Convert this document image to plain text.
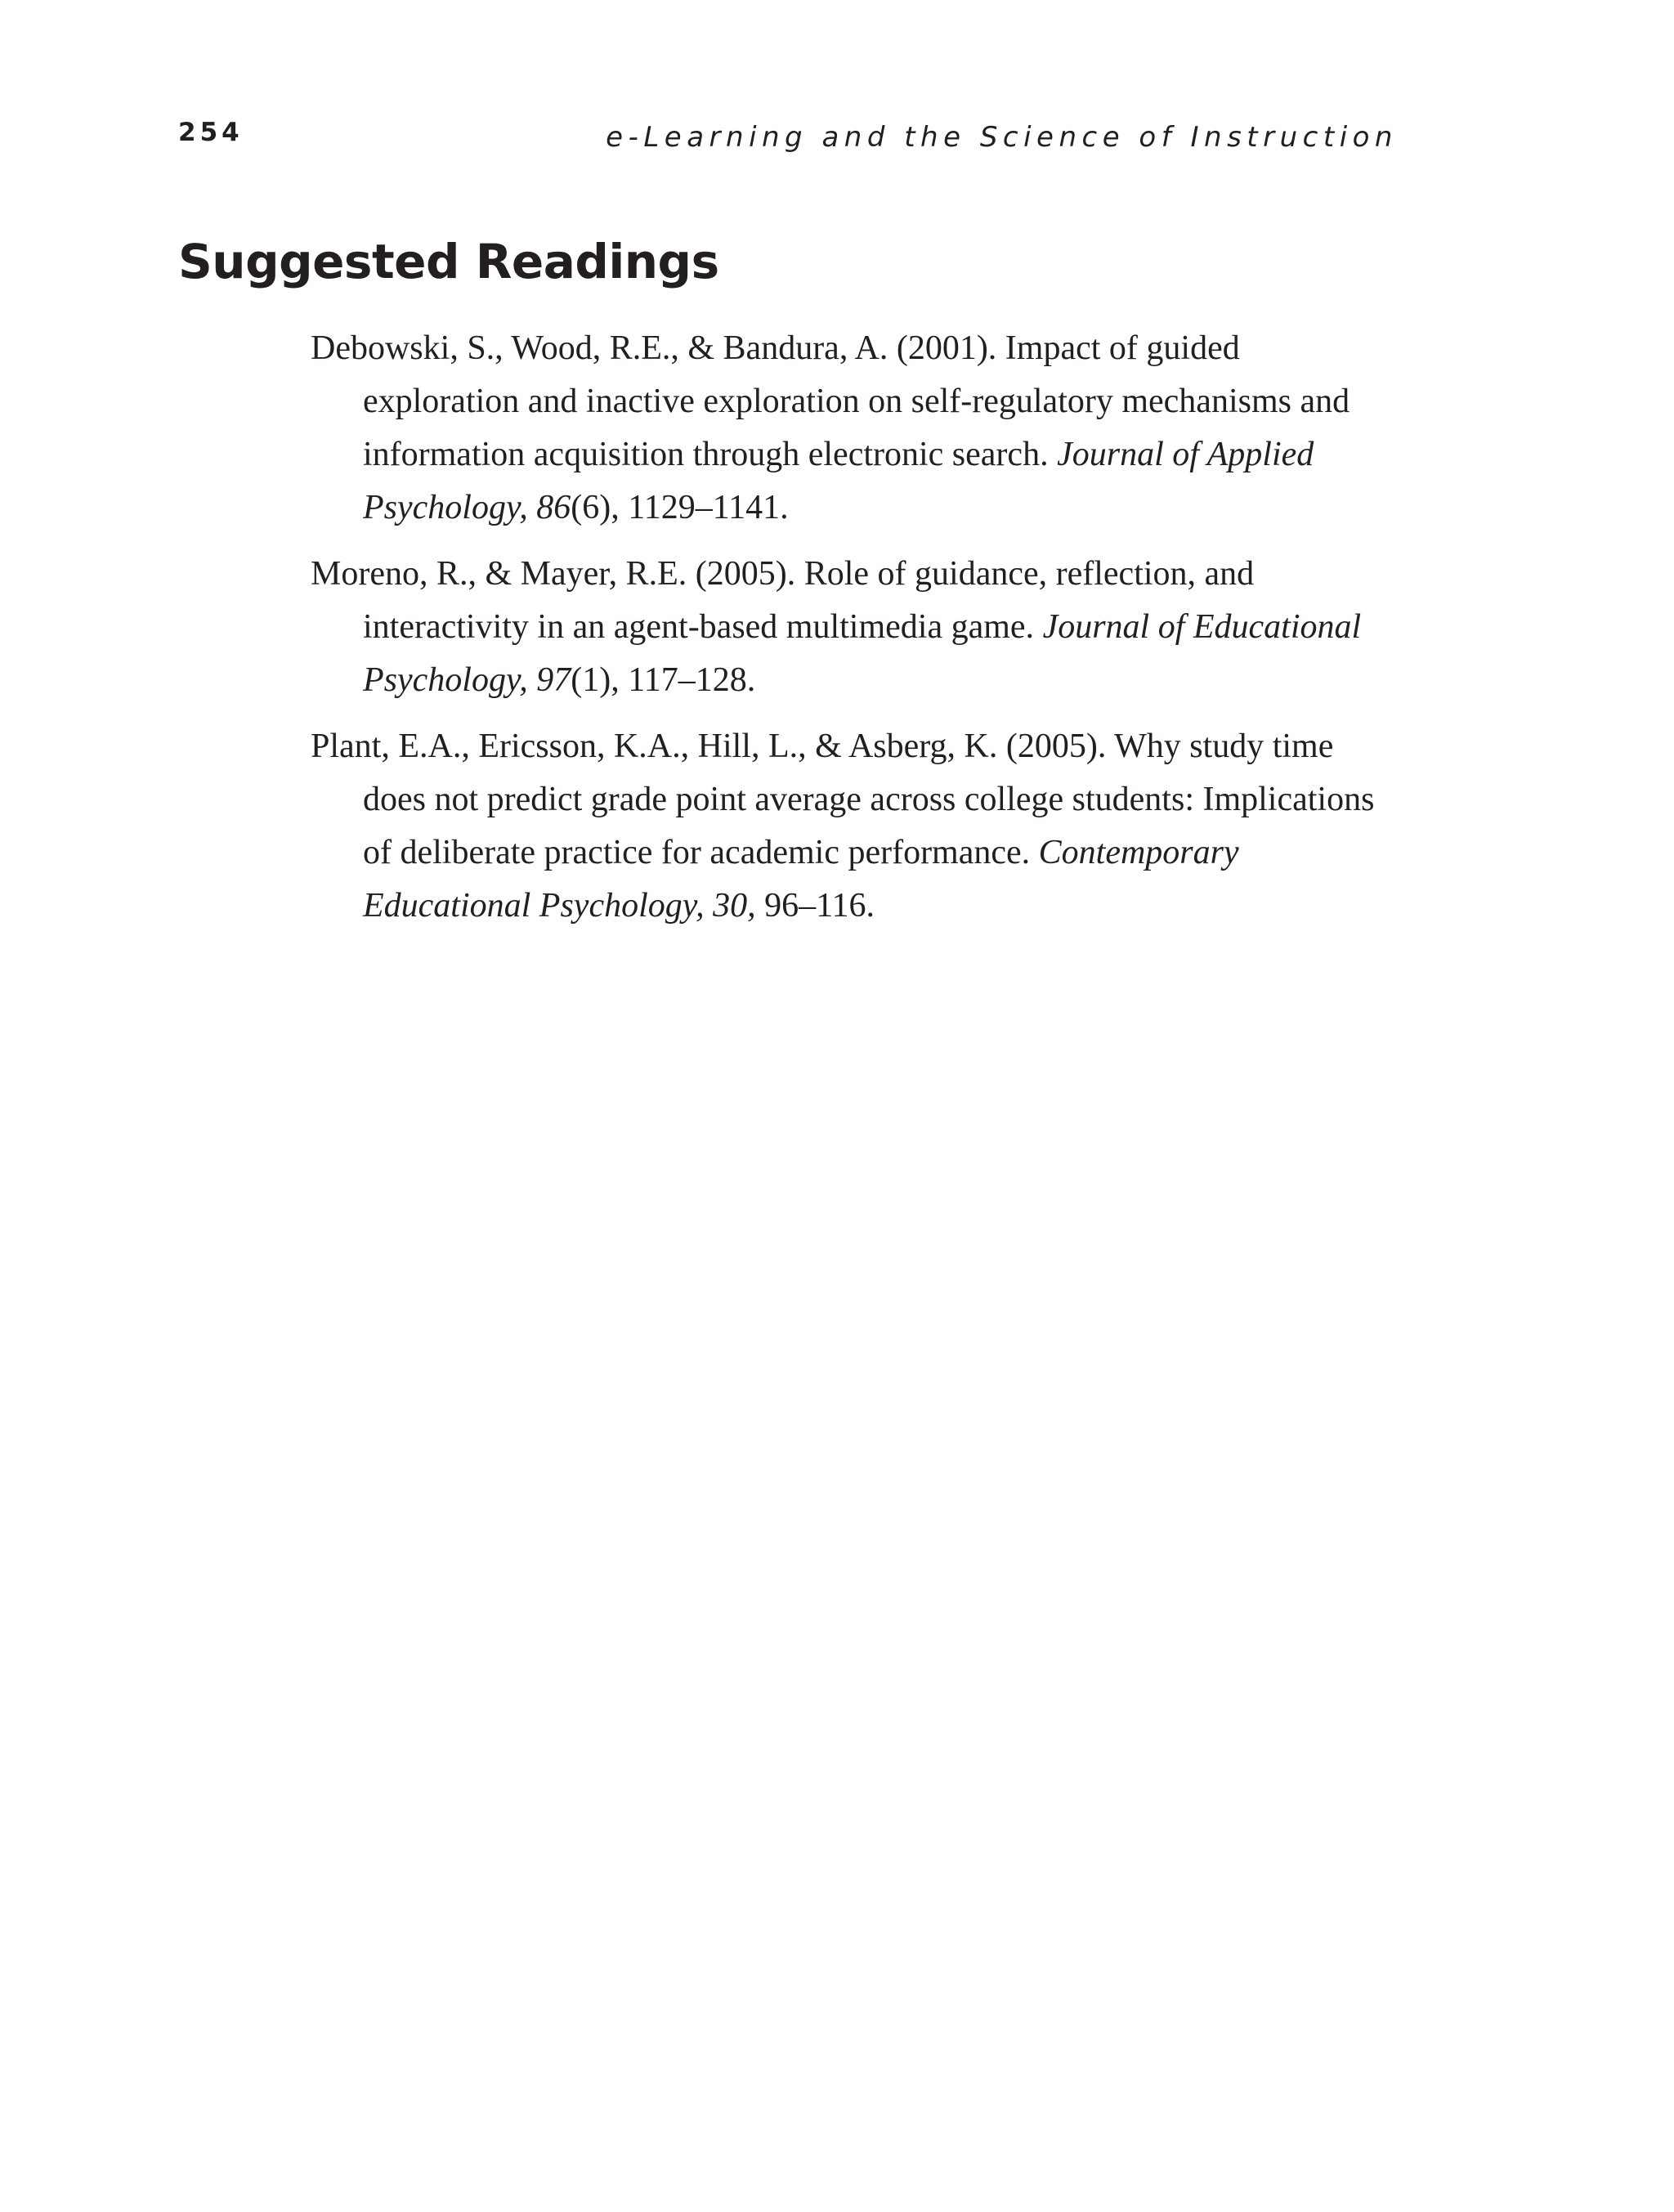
254	e-Learning and the Science of Instruction
Suggested Readings
Debowski, S., Wood, R.E., & Bandura, A. (2001). Impact of guided exploration and inactive exploration on self-regulatory mechanisms and information acquisition through electronic search. Journal of Applied Psychology, 86(6), 1129–1141.
Moreno, R., & Mayer, R.E. (2005). Role of guidance, reflection, and interactivity in an agent-based multimedia game. Journal of Educational Psychology, 97(1), 117–128.
Plant, E.A., Ericsson, K.A., Hill, L., & Asberg, K. (2005). Why study time does not predict grade point average across college students: Implications of deliberate practice for academic performance. Contemporary Educational Psychology, 30, 96–116.
